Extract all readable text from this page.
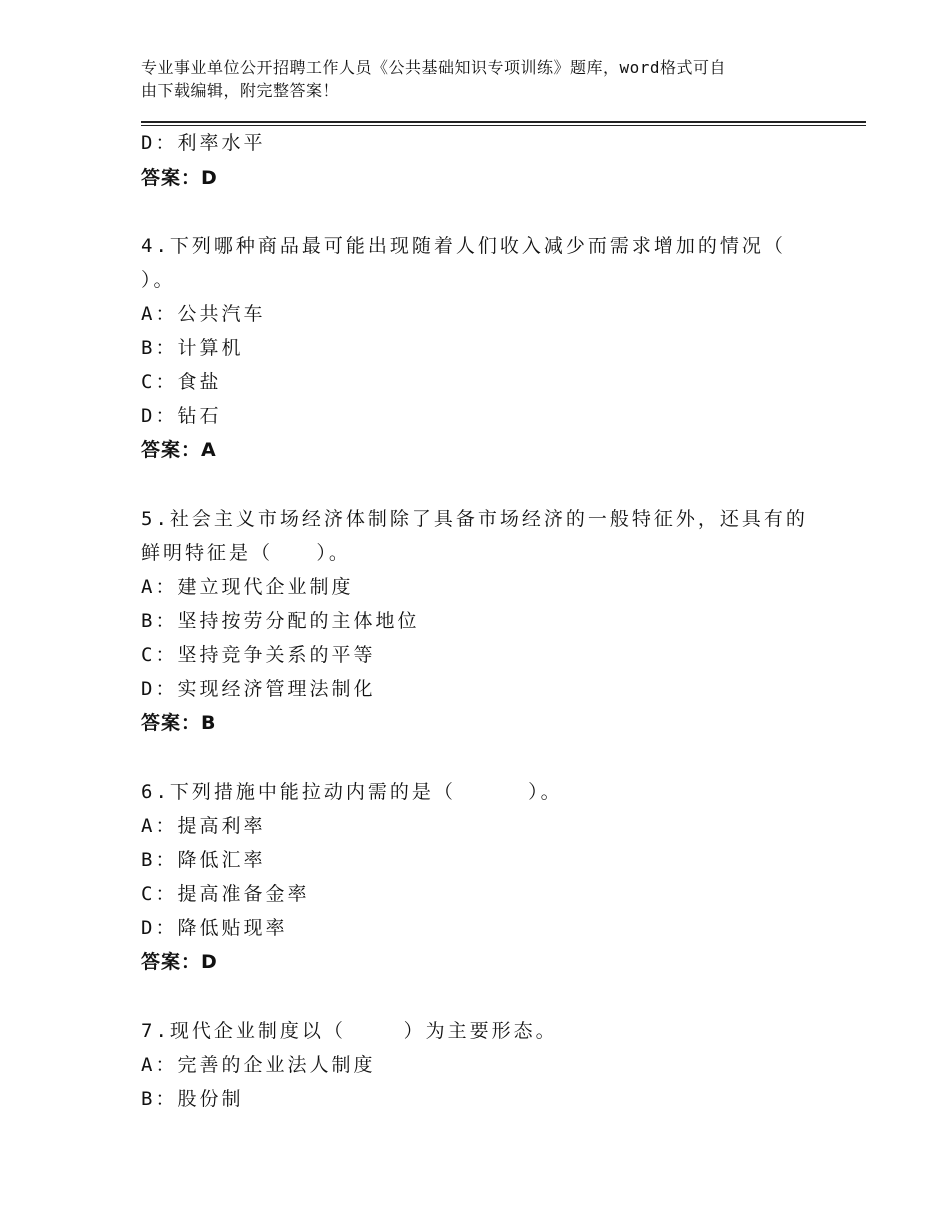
专业事业单位公开招聘工作人员《公共基础知识专项训练》题库，word格式可自
由下载编辑，附完整答案！
D：利率水平
答案：D
4.下列哪种商品最可能出现随着人们收入减少而需求增加的情况（
）。
A：公共汽车
B：计算机
C：食盐
D：钻石
答案：A
5.社会主义市场经济体制除了具备市场经济的一般特征外，还具有的
鲜明特征是（   ）。
A：建立现代企业制度
B：坚持按劳分配的主体地位
C：坚持竞争关系的平等
D：实现经济管理法制化
答案：B
6.下列措施中能拉动内需的是（     ）。
A：提高利率
B：降低汇率
C：提高准备金率
D：降低贴现率
答案：D
7.现代企业制度以（    ）为主要形态。
A：完善的企业法人制度
B：股份制
